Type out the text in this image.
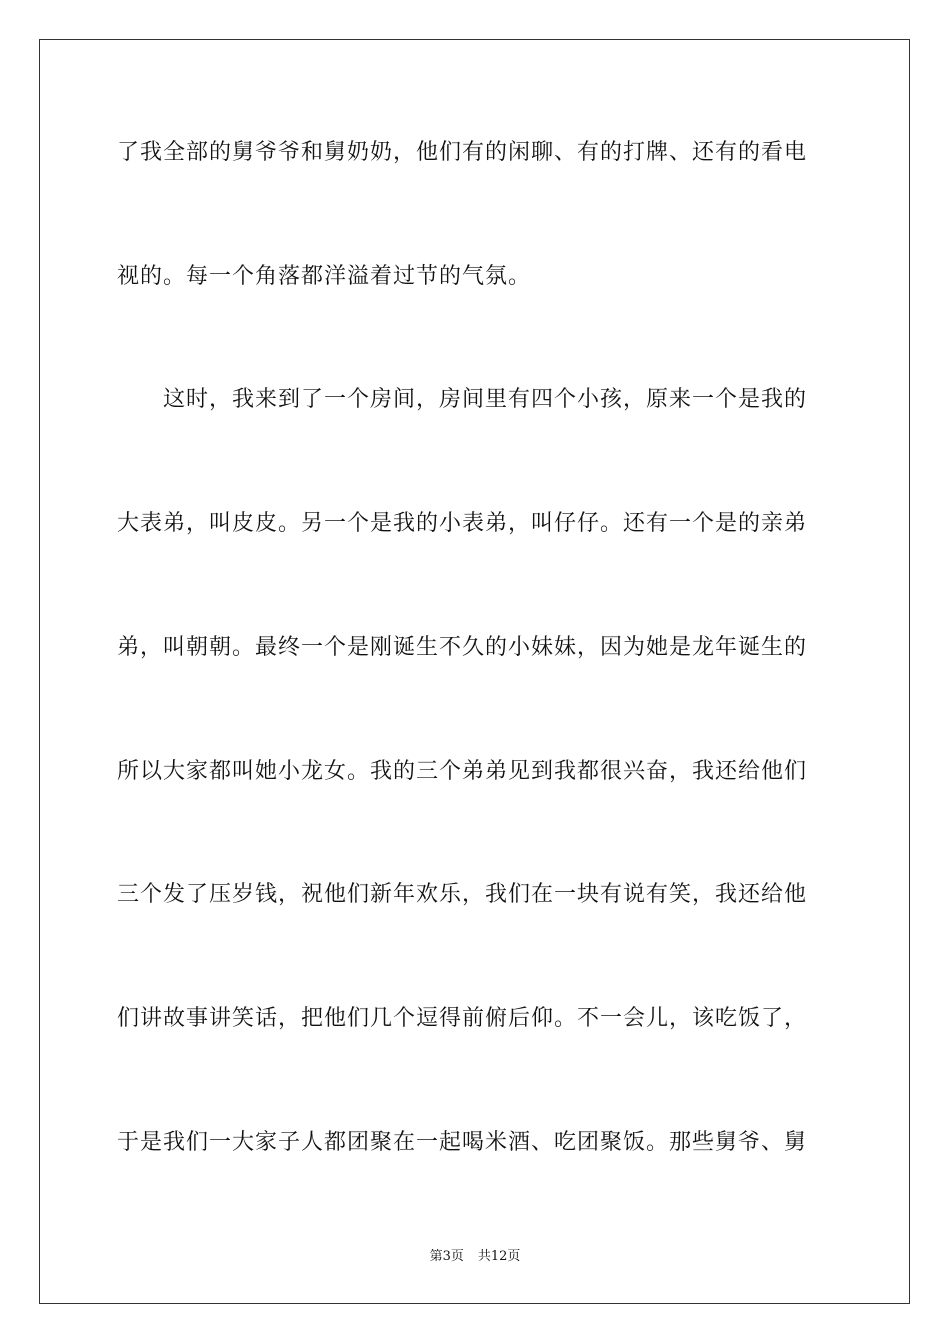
了我全部的舅爷爷和舅奶奶，他们有的闲聊、有的打牌、还有的看电
视的。每一个角落都洋溢着过节的气氛。
这时，我来到了一个房间，房间里有四个小孩，原来一个是我的
大表弟，叫皮皮。另一个是我的小表弟，叫仔仔。还有一个是的亲弟
弟，叫朝朝。最终一个是刚诞生不久的小妹妹，因为她是龙年诞生的
所以大家都叫她小龙女。我的三个弟弟见到我都很兴奋，我还给他们
三个发了压岁钱，祝他们新年欢乐，我们在一块有说有笑，我还给他
们讲故事讲笑话，把他们几个逗得前俯后仰。不一会儿，该吃饭了，
于是我们一大家子人都团聚在一起喝米酒、吃团聚饭。那些舅爷、舅
第3页 共12页
